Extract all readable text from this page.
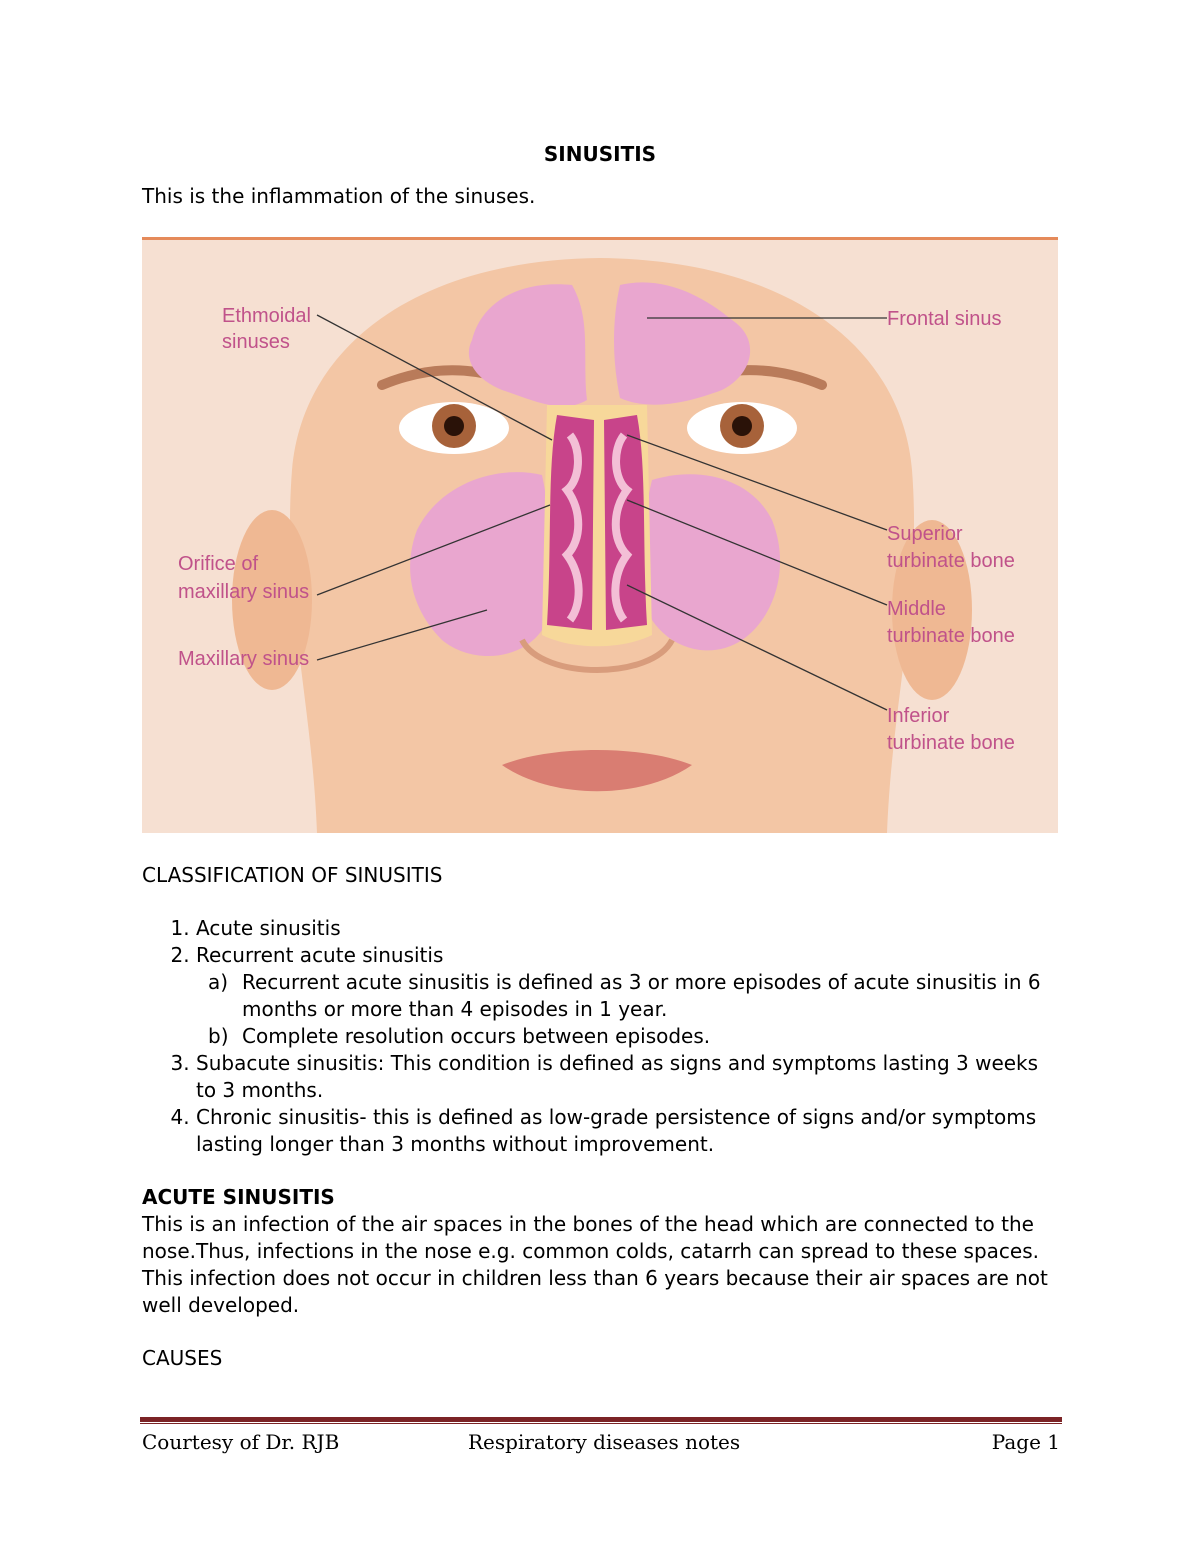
SINUSITIS
This is the inflammation of the sinuses.
Ethmoidal
sinuses
Orifice of
maxillary sinus
Maxillary sinus
Frontal sinus
Superior
turbinate bone
Middle
turbinate bone
Inferior
turbinate bone

CLASSIFICATION OF SINUSITIS

1. Acute sinusitis
2. Recurrent acute sinusitis
a) Recurrent acute sinusitis is defined as 3 or more episodes of acute sinusitis in 6 months or more than 4 episodes in 1 year.
b) Complete resolution occurs between episodes.
3. Subacute sinusitis: This condition is defined as signs and symptoms lasting 3 weeks to 3 months.
4. Chronic sinusitis- this is defined as low-grade persistence of signs and/or symptoms lasting longer than 3 months without improvement.

ACUTE SINUSITIS

This is an infection of the air spaces in the bones of the head which are connected to the nose.Thus, infections in the nose e.g. common colds, catarrh can spread to these spaces.

This infection does not occur in children less than 6 years because their air spaces are not well developed.

CAUSES

Courtesy of Dr. RJB	Respiratory diseases notes	Page 1
